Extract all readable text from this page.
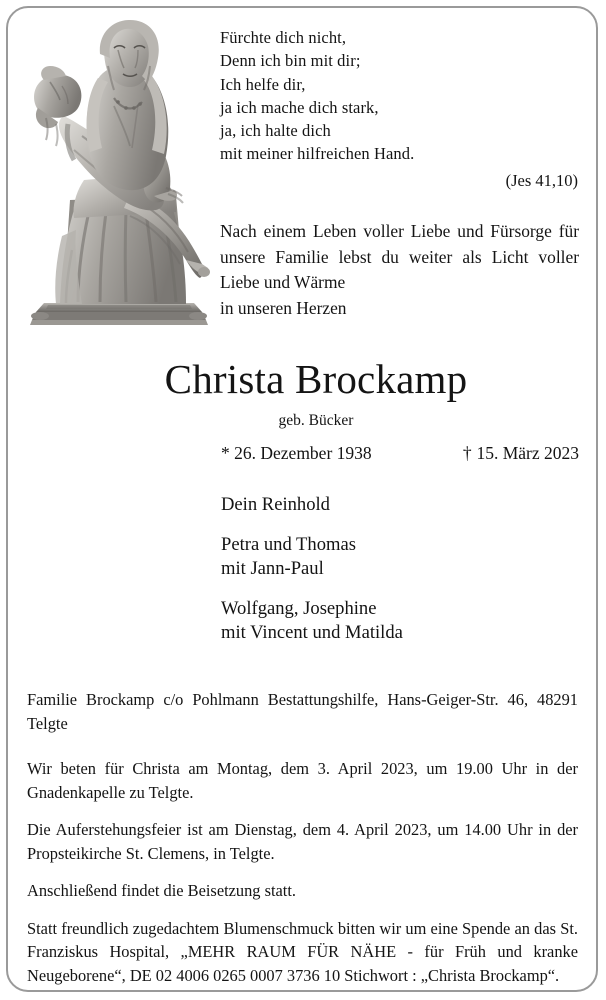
Fürchte dich nicht,
Denn ich bin mit dir;
Ich helfe dir,
ja ich mache dich stark,
ja, ich halte dich
mit meiner hilfreichen Hand.
(Jes 41,10)
Nach einem Leben voller Liebe und Fürsorge für unsere Familie lebst du weiter als Licht voller Liebe und Wärme
in unseren Herzen
Christa Brockamp
geb. Bücker
* 26. Dezember 1938	† 15. März 2023
Dein Reinhold
Petra und Thomas
mit Jann-Paul
Wolfgang, Josephine
mit Vincent und Matilda

Familie Brockamp c/o Pohlmann Bestattungshilfe, Hans-Geiger-Str. 46, 48291 Telgte

Wir beten für Christa am Montag, dem 3. April 2023, um 19.00 Uhr in der Gnadenkapelle zu Telgte.

Die Auferstehungsfeier ist am Dienstag, dem 4. April 2023, um 14.00 Uhr in der Propsteikirche St. Clemens, in Telgte.

Anschließend findet die Beisetzung statt.

Statt freundlich zugedachtem Blumenschmuck bitten wir um eine Spende an das St. Franziskus Hospital, „MEHR RAUM FÜR NÄHE - für Früh und kranke Neugeborene“, DE 02 4006 0265 0007 3736 10 Stichwort : „Christa Brockamp“.
